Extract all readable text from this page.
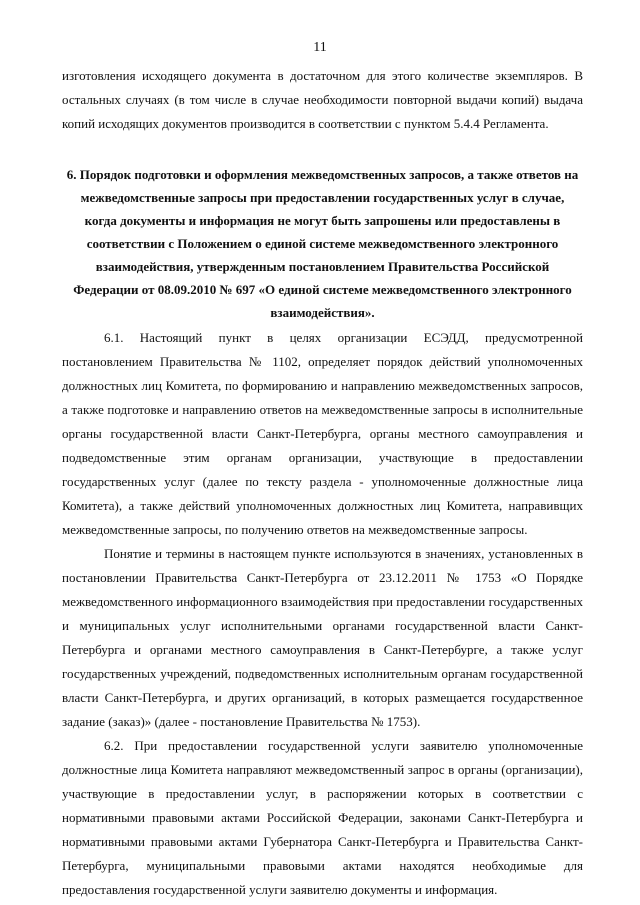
11

изготовления исходящего документа в достаточном для этого количестве экземпляров. В остальных случаях (в том числе в случае необходимости повторной выдачи копий) выдача копий исходящих документов производится в соответствии с пунктом 5.4.4 Регламента.

6. Порядок подготовки и оформления межведомственных запросов, а также ответов на межведомственные запросы при предоставлении государственных услуг в случае, когда документы и информация не могут быть запрошены или предоставлены в соответствии с Положением о единой системе межведомственного электронного взаимодействия, утвержденным постановлением Правительства Российской Федерации от 08.09.2010 № 697 «О единой системе межведомственного электронного взаимодействия».

6.1. Настоящий пункт в целях организации ЕСЭДД, предусмотренной постановлением Правительства № 1102, определяет порядок действий уполномоченных должностных лиц Комитета, по формированию и направлению межведомственных запросов, а также подготовке и направлению ответов на межведомственные запросы в исполнительные органы государственной власти Санкт-Петербурга, органы местного самоуправления и подведомственные этим органам организации, участвующие в предоставлении государственных услуг (далее по тексту раздела - уполномоченные должностные лица Комитета), а также действий уполномоченных должностных лиц Комитета, направивщих межведомственные запросы, по получению ответов на межведомственные запросы.

Понятие и термины в настоящем пункте используются в значениях, установленных в постановлении Правительства Санкт-Петербурга от 23.12.2011 № 1753 «О Порядке межведомственного информационного взаимодействия при предоставлении государственных и муниципальных услуг исполнительными органами государственной власти Санкт-Петербурга и органами местного самоуправления в Санкт-Петербурге, а также услуг государственных учреждений, подведомственных исполнительным органам государственной власти Санкт-Петербурга, и других организаций, в которых размещается государственное задание (заказ)» (далее - постановление Правительства № 1753).

6.2. При предоставлении государственной услуги заявителю уполномоченные должностные лица Комитета направляют межведомственный запрос в органы (организации), участвующие в предоставлении услуг, в распоряжении которых в соответствии с нормативными правовыми актами Российской Федерации, законами Санкт-Петербурга и нормативными правовыми актами Губернатора Санкт-Петербурга и Правительства Санкт-Петербурга, муниципальными правовыми актами находятся необходимые для предоставления государственной услуги заявителю документы и информация.
